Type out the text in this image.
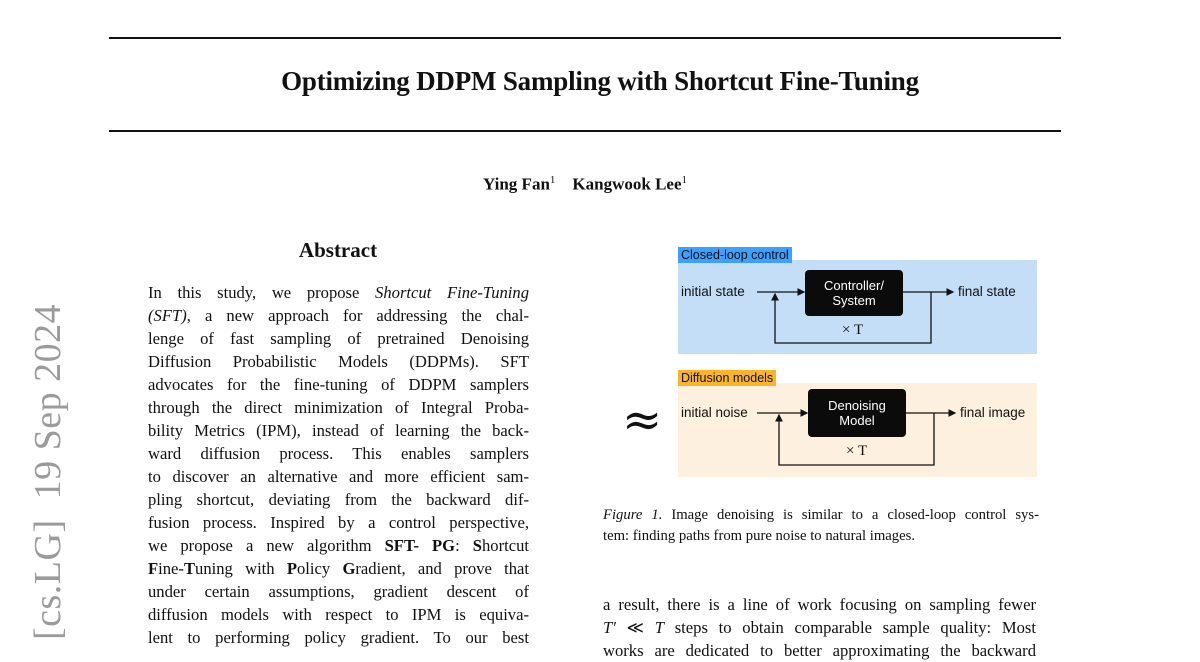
Optimizing DDPM Sampling with Shortcut Fine-Tuning
Ying Fan$^1$ Kangwook Lee$^1$
[cs.LG]  19 Sep 2024
Abstract
In this study, we propose Shortcut Fine-Tuning
(SFT), a new approach for addressing the chal-
lenge of fast sampling of pretrained Denoising
Diffusion Probabilistic Models (DDPMs). SFT
advocates for the fine-tuning of DDPM samplers
through the direct minimization of Integral Proba-
bility Metrics (IPM), instead of learning the back-
ward diffusion process. This enables samplers
to discover an alternative and more efficient sam-
pling shortcut, deviating from the backward dif-
fusion process. Inspired by a control perspective,
we propose a new algorithm SFT- PG: Shortcut
Fine-Tuning with Policy Gradient, and prove that
under certain assumptions, gradient descent of
diffusion models with respect to IPM is equiva-
lent to performing policy gradient. To our best
Closed-loop control
Diffusion models
initial state	Controller/
System
final state
× T
≈ initial noise	Denoising
Model
final image
× T
Figure 1. Image denoising is similar to a closed-loop control sys-
tem: finding paths from pure noise to natural images.
a result, there is a line of work focusing on sampling fewer
T′ ≪ T steps to obtain comparable sample quality: Most
works are dedicated to better approximating the backward
